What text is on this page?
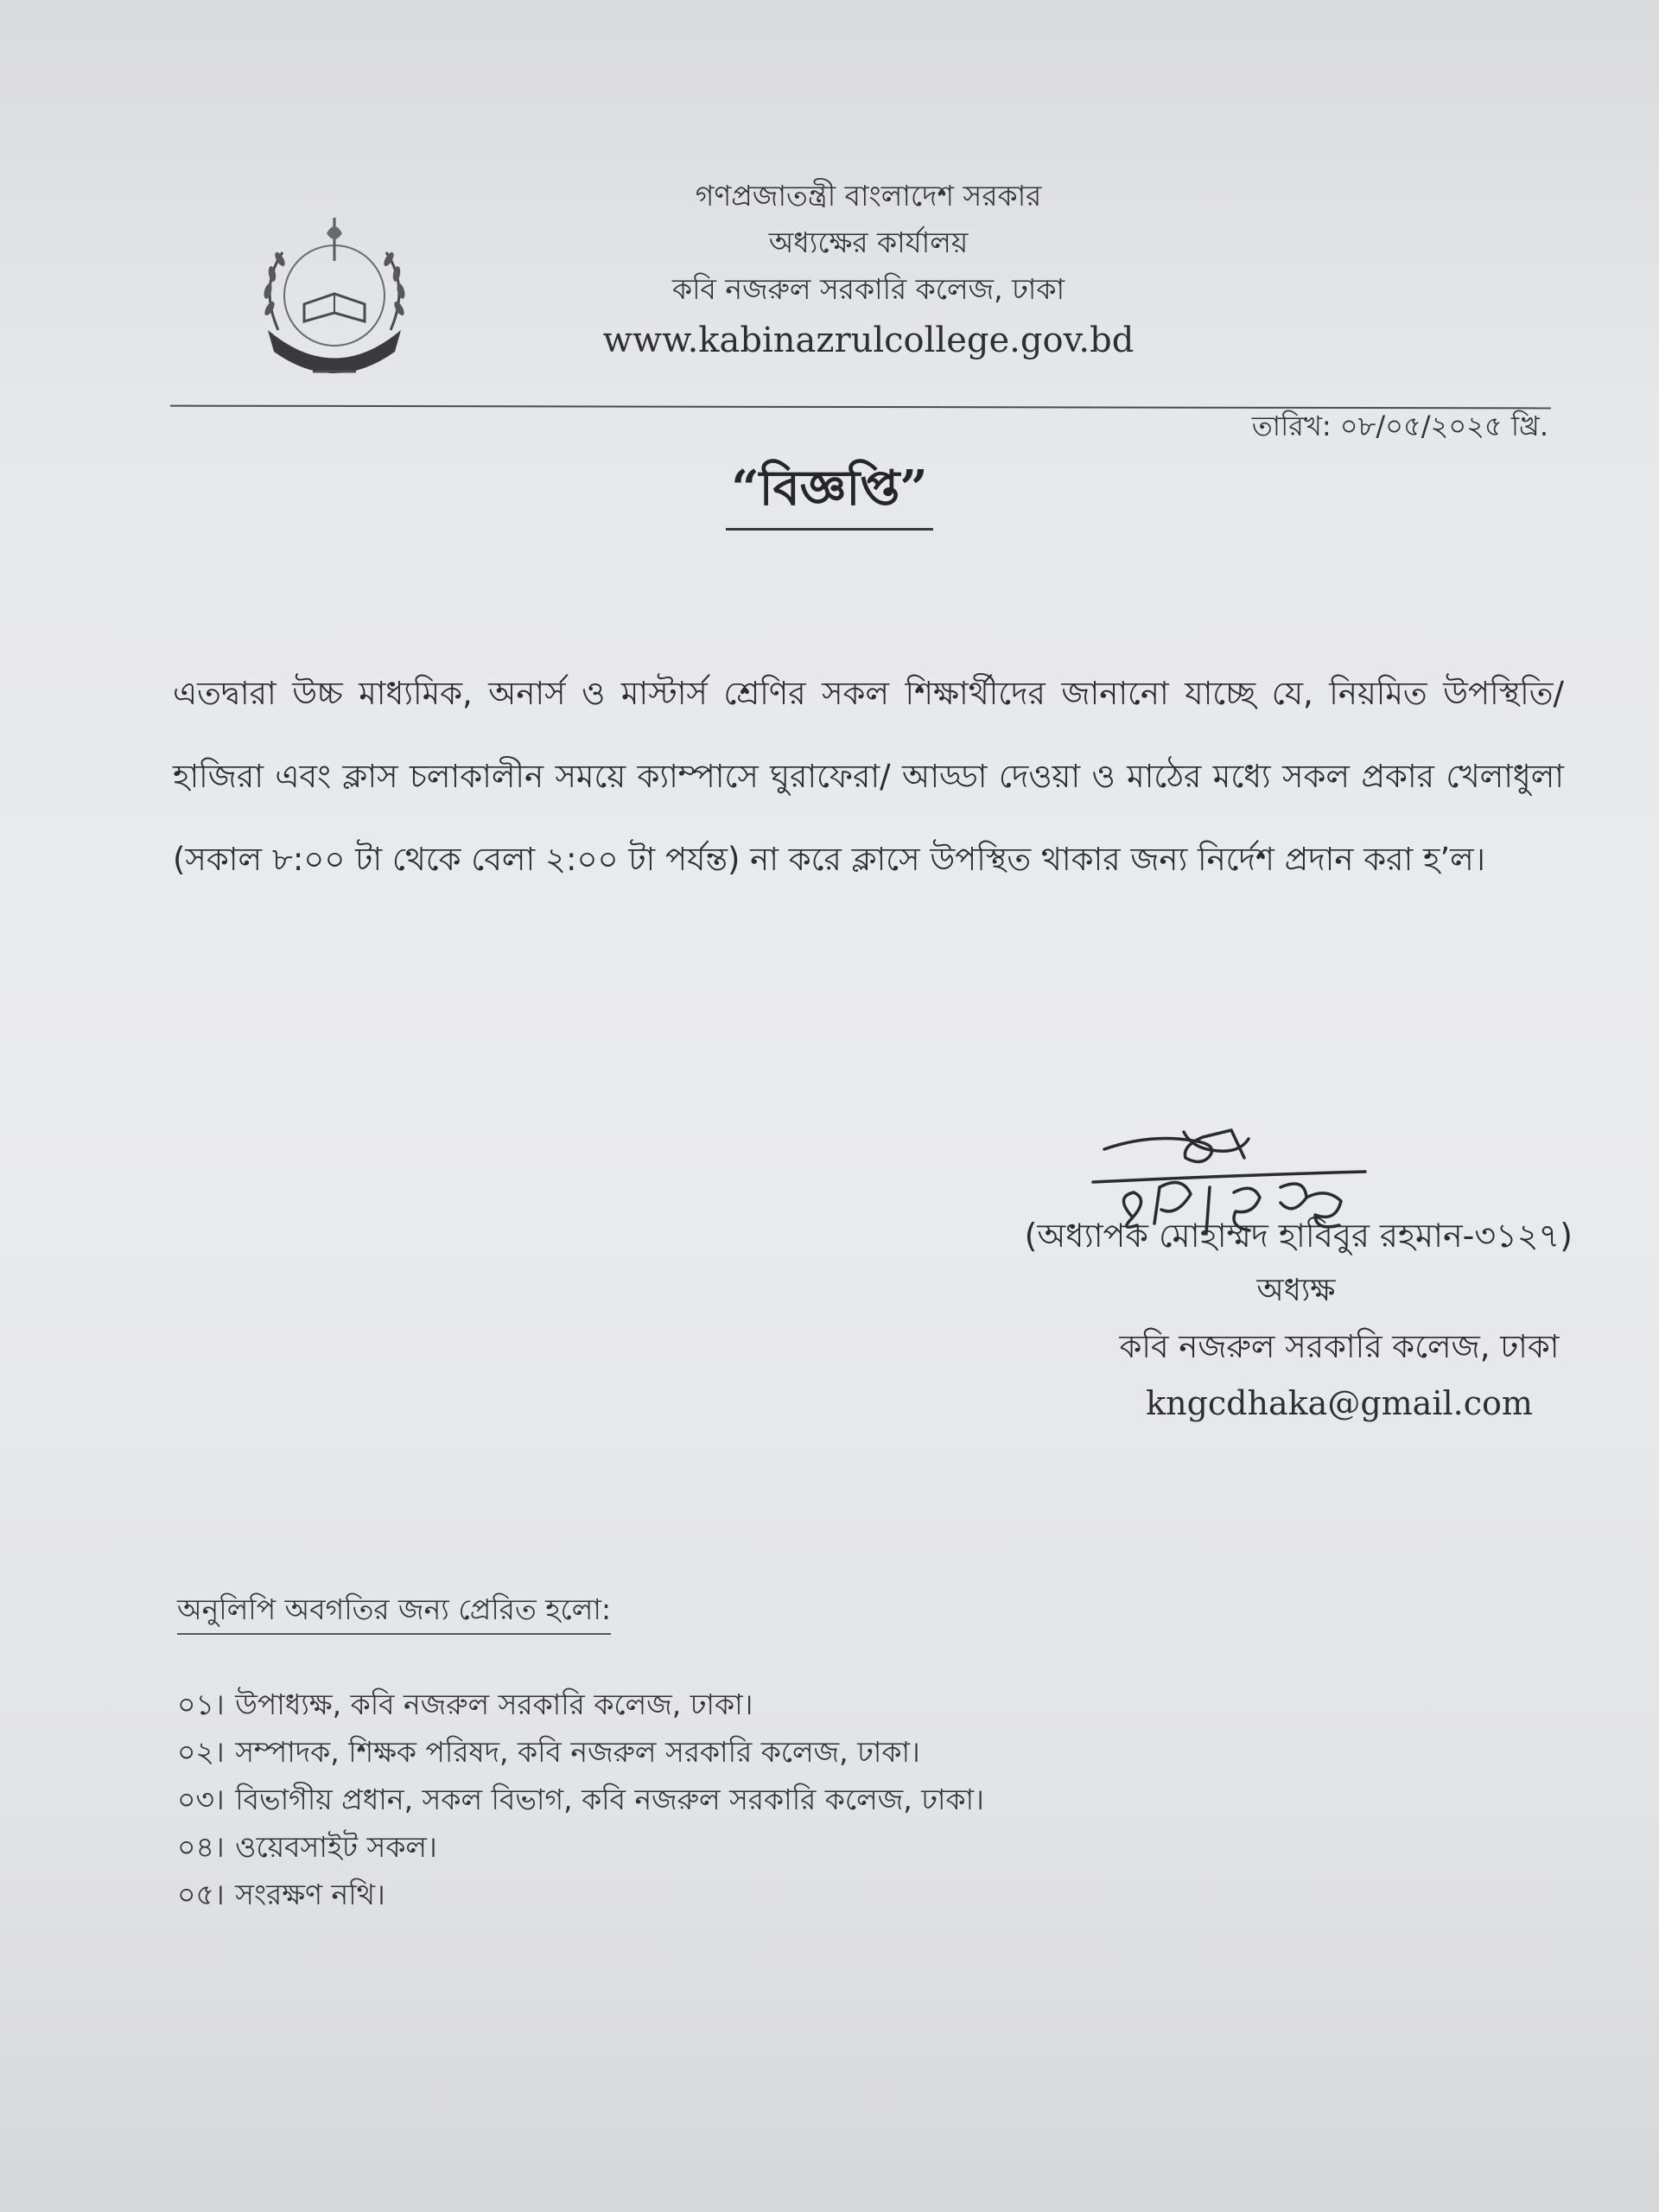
গণপ্রজাতন্ত্রী বাংলাদেশ সরকার
অধ্যক্ষের কার্যালয়
কবি নজরুল সরকারি কলেজ, ঢাকা
www.kabinazrulcollege.gov.bd
তারিখ: ০৮/০৫/২০২৫ খ্রি.
“বিজ্ঞপ্তি”
এতদ্বারা উচ্চ মাধ্যমিক, অনার্স ও মাস্টার্স শ্রেণির সকল শিক্ষার্থীদের জানানো যাচ্ছে যে, নিয়মিত উপস্থিতি/হাজিরা এবং ক্লাস চলাকালীন সময়ে ক্যাম্পাসে ঘুরাফেরা/ আড্ডা দেওয়া ও মাঠের মধ্যে সকল প্রকার খেলাধুলা (সকাল ৮:০০ টা থেকে বেলা ২:০০ টা পর্যন্ত) না করে ক্লাসে উপস্থিত থাকার জন্য নির্দেশ প্রদান করা হ’ল।
(অধ্যাপক মোহাম্মদ হাবিবুর রহমান-৩১২৭)
অধ্যক্ষ
কবি নজরুল সরকারি কলেজ, ঢাকা
kngcdhaka@gmail.com
অনুলিপি অবগতির জন্য প্রেরিত হলো:
০১। উপাধ্যক্ষ, কবি নজরুল সরকারি কলেজ, ঢাকা।
০২। সম্পাদক, শিক্ষক পরিষদ, কবি নজরুল সরকারি কলেজ, ঢাকা।
০৩। বিভাগীয় প্রধান, সকল বিভাগ, কবি নজরুল সরকারি কলেজ, ঢাকা।
০৪। ওয়েবসাইট সকল।
০৫। সংরক্ষণ নথি।
